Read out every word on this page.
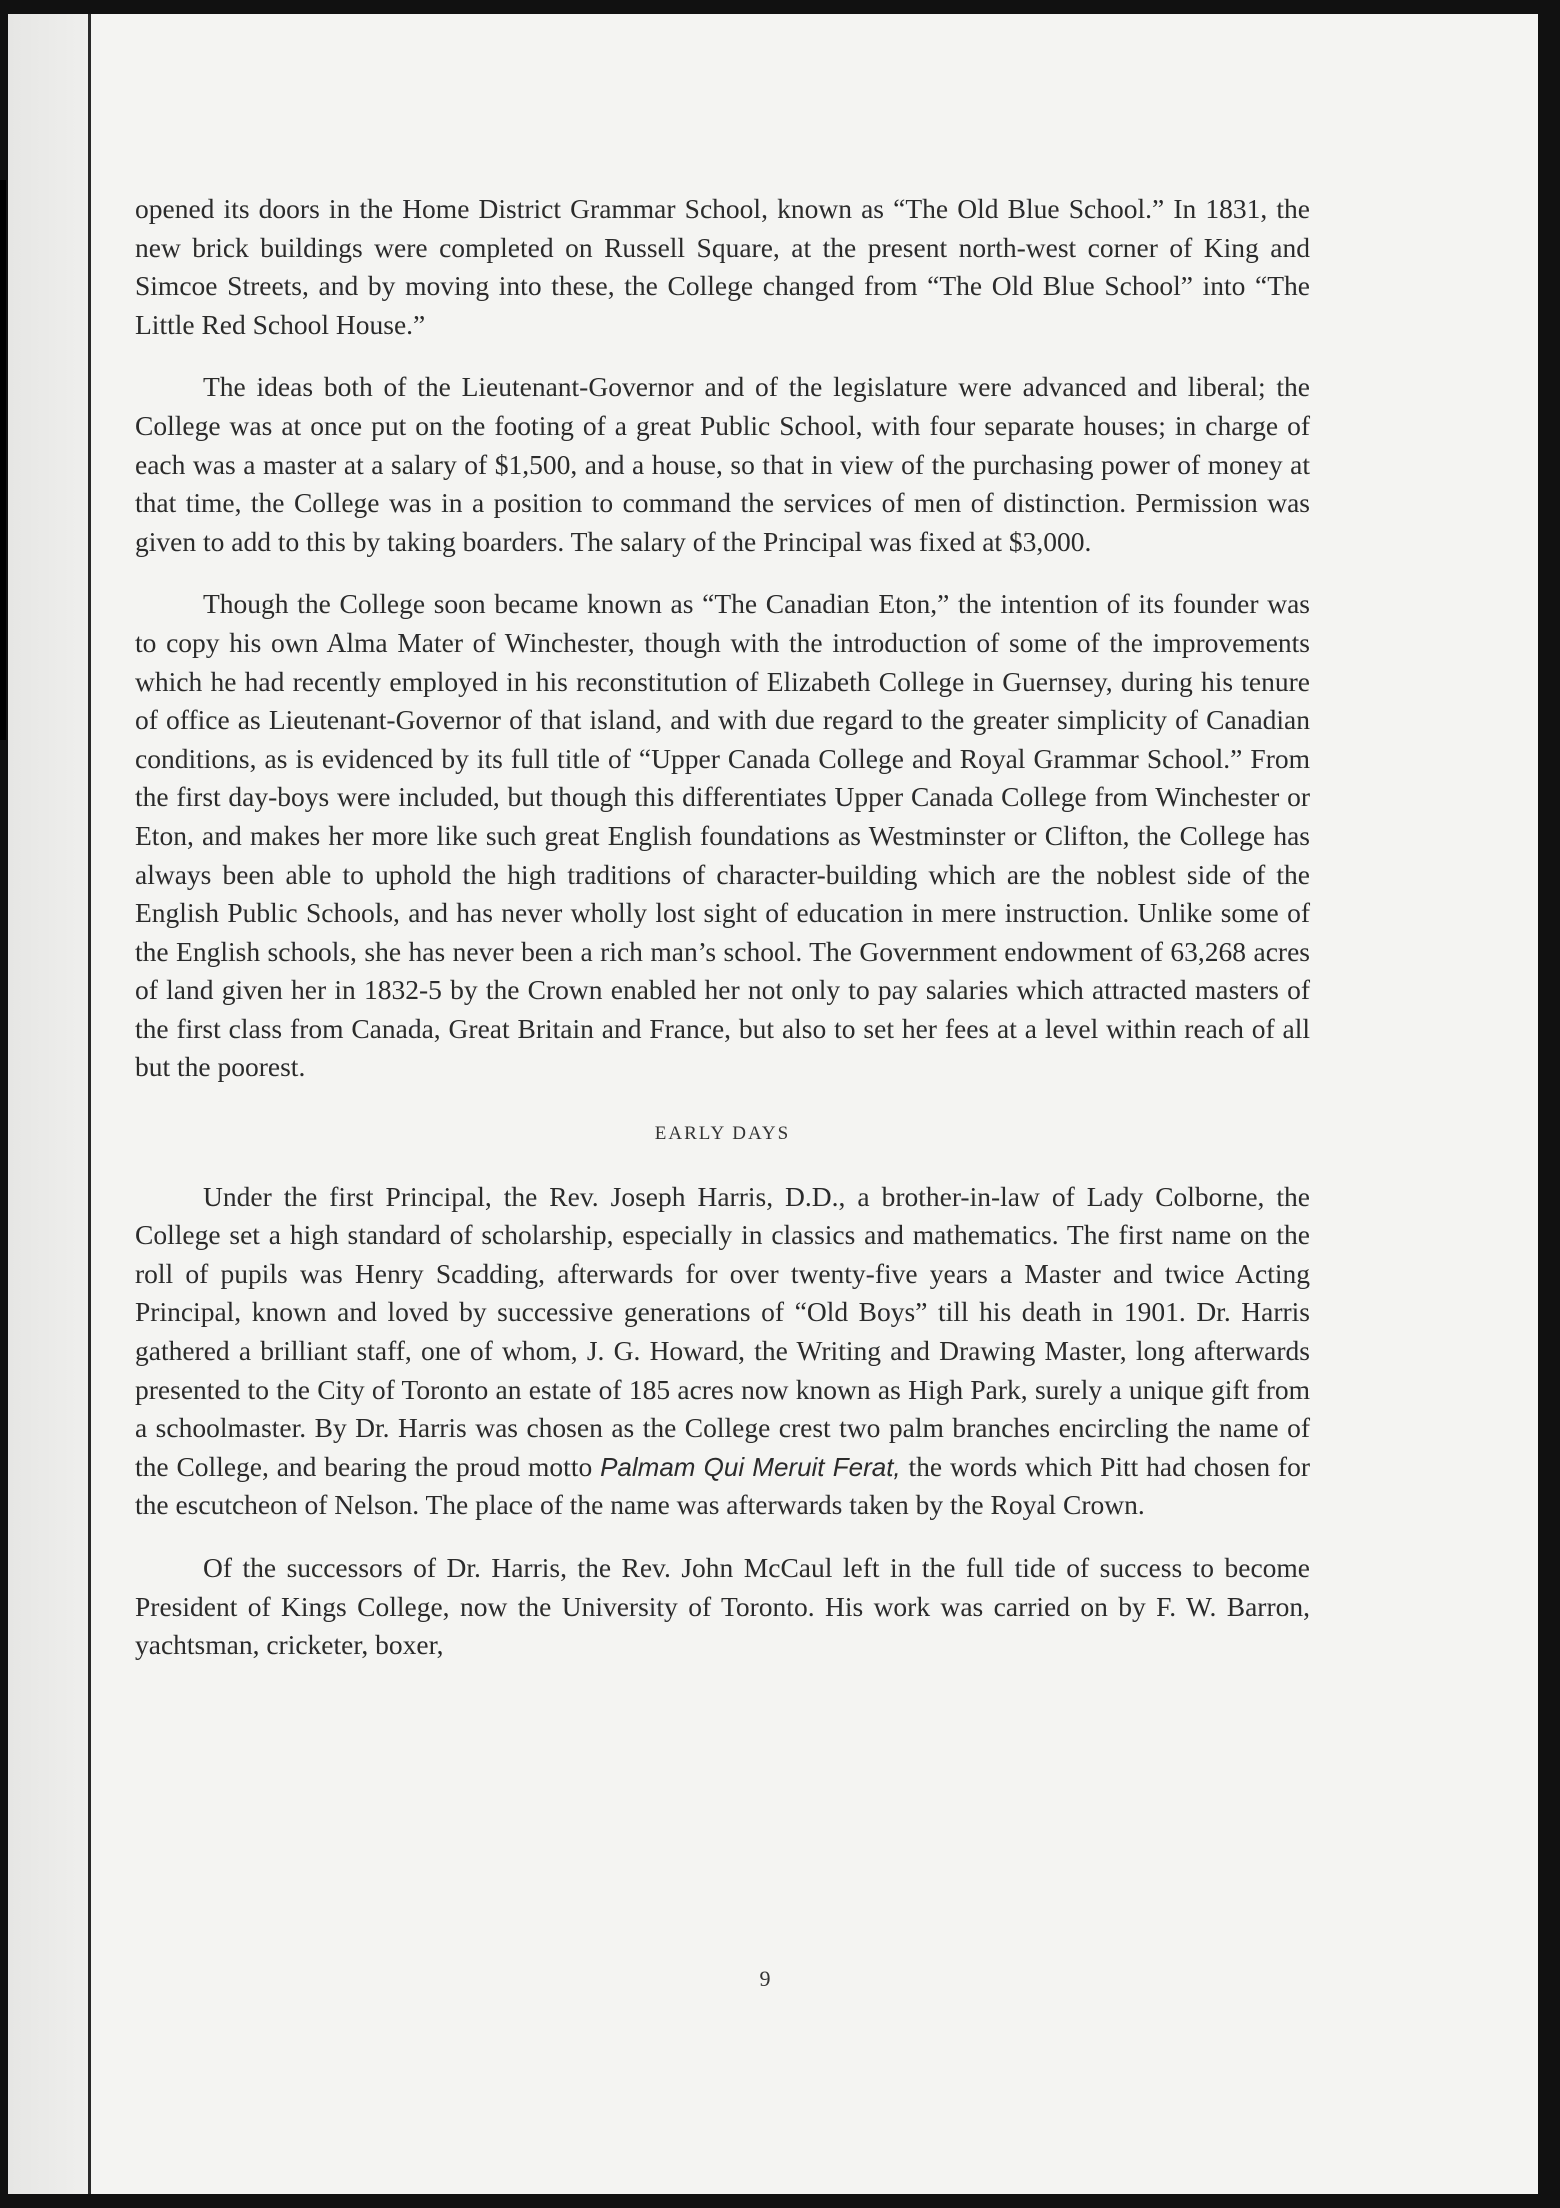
opened its doors in the Home District Grammar School, known as “The Old Blue School.” In 1831, the new brick buildings were completed on Russell Square, at the present north-west corner of King and Simcoe Streets, and by moving into these, the College changed from “The Old Blue School” into “The Little Red School House.”

The ideas both of the Lieutenant-Governor and of the legislature were advanced and liberal; the College was at once put on the footing of a great Public School, with four separate houses; in charge of each was a master at a salary of $1,500, and a house, so that in view of the purchasing power of money at that time, the College was in a position to command the services of men of distinction. Permission was given to add to this by taking boarders. The salary of the Principal was fixed at $3,000.

Though the College soon became known as “The Canadian Eton,” the intention of its founder was to copy his own Alma Mater of Winchester, though with the introduction of some of the improvements which he had recently employed in his reconstitution of Elizabeth College in Guernsey, during his tenure of office as Lieutenant-Governor of that island, and with due regard to the greater simplicity of Canadian conditions, as is evidenced by its full title of “Upper Canada College and Royal Grammar School.” From the first day-boys were included, but though this differentiates Upper Canada College from Winchester or Eton, and makes her more like such great English foundations as Westminster or Clifton, the College has always been able to uphold the high traditions of character-building which are the noblest side of the English Public Schools, and has never wholly lost sight of education in mere instruction. Unlike some of the English schools, she has never been a rich man’s school. The Government endowment of 63,268 acres of land given her in 1832-5 by the Crown enabled her not only to pay salaries which attracted masters of the first class from Canada, Great Britain and France, but also to set her fees at a level within reach of all but the poorest.

EARLY DAYS

Under the first Principal, the Rev. Joseph Harris, D.D., a brother-in-law of Lady Colborne, the College set a high standard of scholarship, especially in classics and mathematics. The first name on the roll of pupils was Henry Scadding, afterwards for over twenty-five years a Master and twice Acting Principal, known and loved by successive generations of “Old Boys” till his death in 1901. Dr. Harris gathered a brilliant staff, one of whom, J. G. Howard, the Writing and Drawing Master, long afterwards presented to the City of Toronto an estate of 185 acres now known as High Park, surely a unique gift from a schoolmaster. By Dr. Harris was chosen as the College crest two palm branches encircling the name of the College, and bearing the proud motto Palmam Qui Meruit Ferat, the words which Pitt had chosen for the escutcheon of Nelson. The place of the name was afterwards taken by the Royal Crown.

Of the successors of Dr. Harris, the Rev. John McCaul left in the full tide of success to become President of Kings College, now the University of Toronto. His work was carried on by F. W. Barron, yachtsman, cricketer, boxer,

9
